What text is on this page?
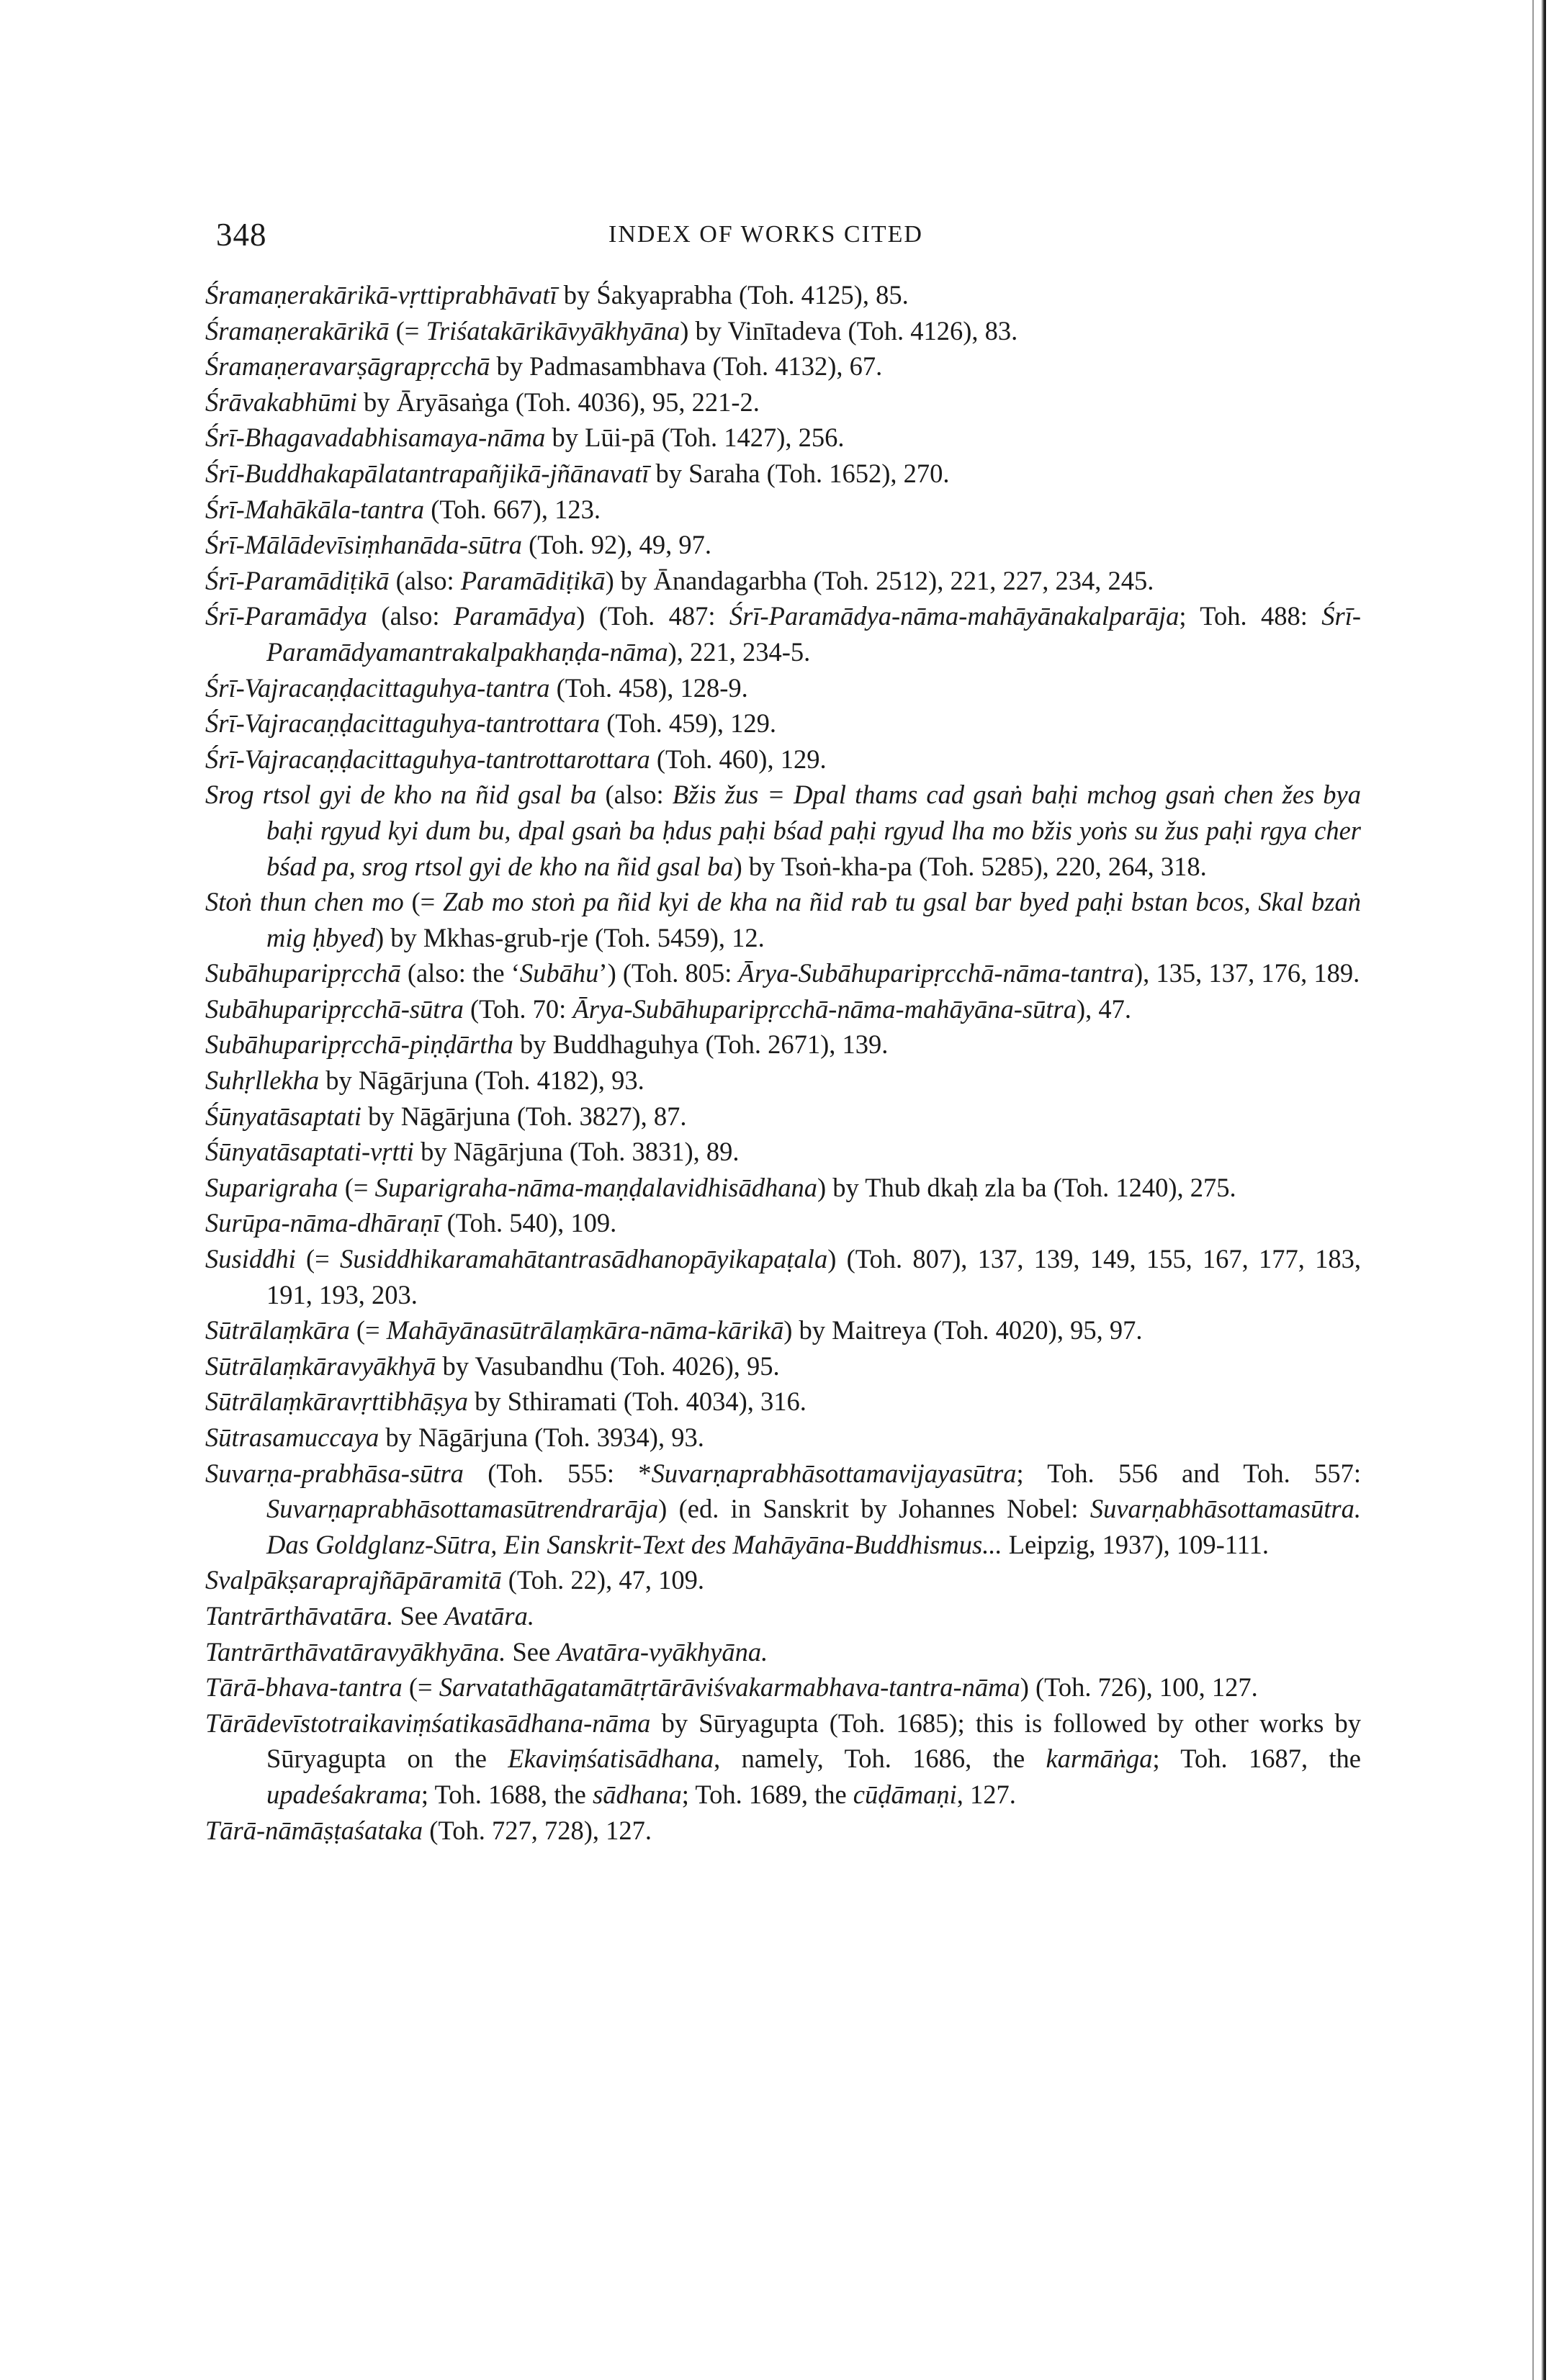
348	INDEX OF WORKS CITED
Śramaṇerakārikā-vṛttiprabhāvatī by Śakyaprabha (Toh. 4125), 85.
Śramaṇerakārikā (= Triśatakārikāvyākhyāna) by Vinītadeva (Toh. 4126), 83.
Śramaṇeravarṣāgrapṛcchā by Padmasambhava (Toh. 4132), 67.
Śrāvakabhūmi by Āryāsaṅga (Toh. 4036), 95, 221-2.
Śrī-Bhagavadabhisamaya-nāma by Lūi-pā (Toh. 1427), 256.
Śrī-Buddhakapālatantrapañjikā-jñānavatī by Saraha (Toh. 1652), 270.
Śrī-Mahākāla-tantra (Toh. 667), 123.
Śrī-Mālādevīsiṃhanāda-sūtra (Toh. 92), 49, 97.
Śrī-Paramādiṭikā (also: Paramādiṭikā) by Ānandagarbha (Toh. 2512), 221, 227, 234, 245.
Śrī-Paramādya (also: Paramādya) (Toh. 487: Śrī-Paramādya-nāma-mahāyānakalparāja; Toh. 488: Śrī-Paramādyamantrakalpakhaṇḍa-nāma), 221, 234-5.
Śrī-Vajracaṇḍacittaguhya-tantra (Toh. 458), 128-9.
Śrī-Vajracaṇḍacittaguhya-tantrottara (Toh. 459), 129.
Śrī-Vajracaṇḍacittaguhya-tantrottarottara (Toh. 460), 129.
Srog rtsol gyi de kho na ñid gsal ba (also: Bžis žus = Dpal thams cad gsaṅ baḥi mchog gsaṅ chen žes bya baḥi rgyud kyi dum bu, dpal gsaṅ ba ḥdus paḥi bśad paḥi rgyud lha mo bžis yoṅs su žus paḥi rgya cher bśad pa, srog rtsol gyi de kho na ñid gsal ba) by Tsoṅ-kha-pa (Toh. 5285), 220, 264, 318.
Stoṅ thun chen mo (= Zab mo stoṅ pa ñid kyi de kha na ñid rab tu gsal bar byed paḥi bstan bcos, Skal bzaṅ mig ḥbyed) by Mkhas-grub-rje (Toh. 5459), 12.
Subāhuparipṛcchā (also: the ‘Subāhu’) (Toh. 805: Ārya-Subāhuparipṛcchā-nāma-tantra), 135, 137, 176, 189.
Subāhuparipṛcchā-sūtra (Toh. 70: Ārya-Subāhuparipṛcchā-nāma-mahāyāna-sūtra), 47.
Subāhuparipṛcchā-piṇḍārtha by Buddhaguhya (Toh. 2671), 139.
Suhṛllekha by Nāgārjuna (Toh. 4182), 93.
Śūnyatāsaptati by Nāgārjuna (Toh. 3827), 87.
Śūnyatāsaptati-vṛtti by Nāgārjuna (Toh. 3831), 89.
Suparigraha (= Suparigraha-nāma-maṇḍalavidhisādhana) by Thub dkaḥ zla ba (Toh. 1240), 275.
Surūpa-nāma-dhāraṇī (Toh. 540), 109.
Susiddhi (= Susiddhikaramahātantrasādhanopāyikapaṭala) (Toh. 807), 137, 139, 149, 155, 167, 177, 183, 191, 193, 203.
Sūtrālaṃkāra (= Mahāyānasūtrālaṃkāra-nāma-kārikā) by Maitreya (Toh. 4020), 95, 97.
Sūtrālaṃkāravyākhyā by Vasubandhu (Toh. 4026), 95.
Sūtrālaṃkāravṛttibhāṣya by Sthiramati (Toh. 4034), 316.
Sūtrasamuccaya by Nāgārjuna (Toh. 3934), 93.
Suvarṇa-prabhāsa-sūtra (Toh. 555: *Suvarṇaprabhāsottamavijayasūtra; Toh. 556 and Toh. 557: Suvarṇaprabhāsottamasūtrendrarāja) (ed. in Sanskrit by Johannes Nobel: Suvarṇabhāsottamasūtra. Das Goldglanz-Sūtra, Ein Sanskrit-Text des Mahāyāna-Buddhismus... Leipzig, 1937), 109-111.
Svalpākṣaraprajñāpāramitā (Toh. 22), 47, 109.
Tantrārthāvatāra. See Avatāra.
Tantrārthāvatāravyākhyāna. See Avatāra-vyākhyāna.
Tārā-bhava-tantra (= Sarvatathāgatamātṛtārāviśvakarmabhava-tantra-nāma) (Toh. 726), 100, 127.
Tārādevīstotraikaviṃśatikasādhana-nāma by Sūryagupta (Toh. 1685); this is followed by other works by Sūryagupta on the Ekaviṃśatisādhana, namely, Toh. 1686, the karmāṅga; Toh. 1687, the upadeśakrama; Toh. 1688, the sādhana; Toh. 1689, the cūḍāmaṇi, 127.
Tārā-nāmāṣṭaśataka (Toh. 727, 728), 127.
